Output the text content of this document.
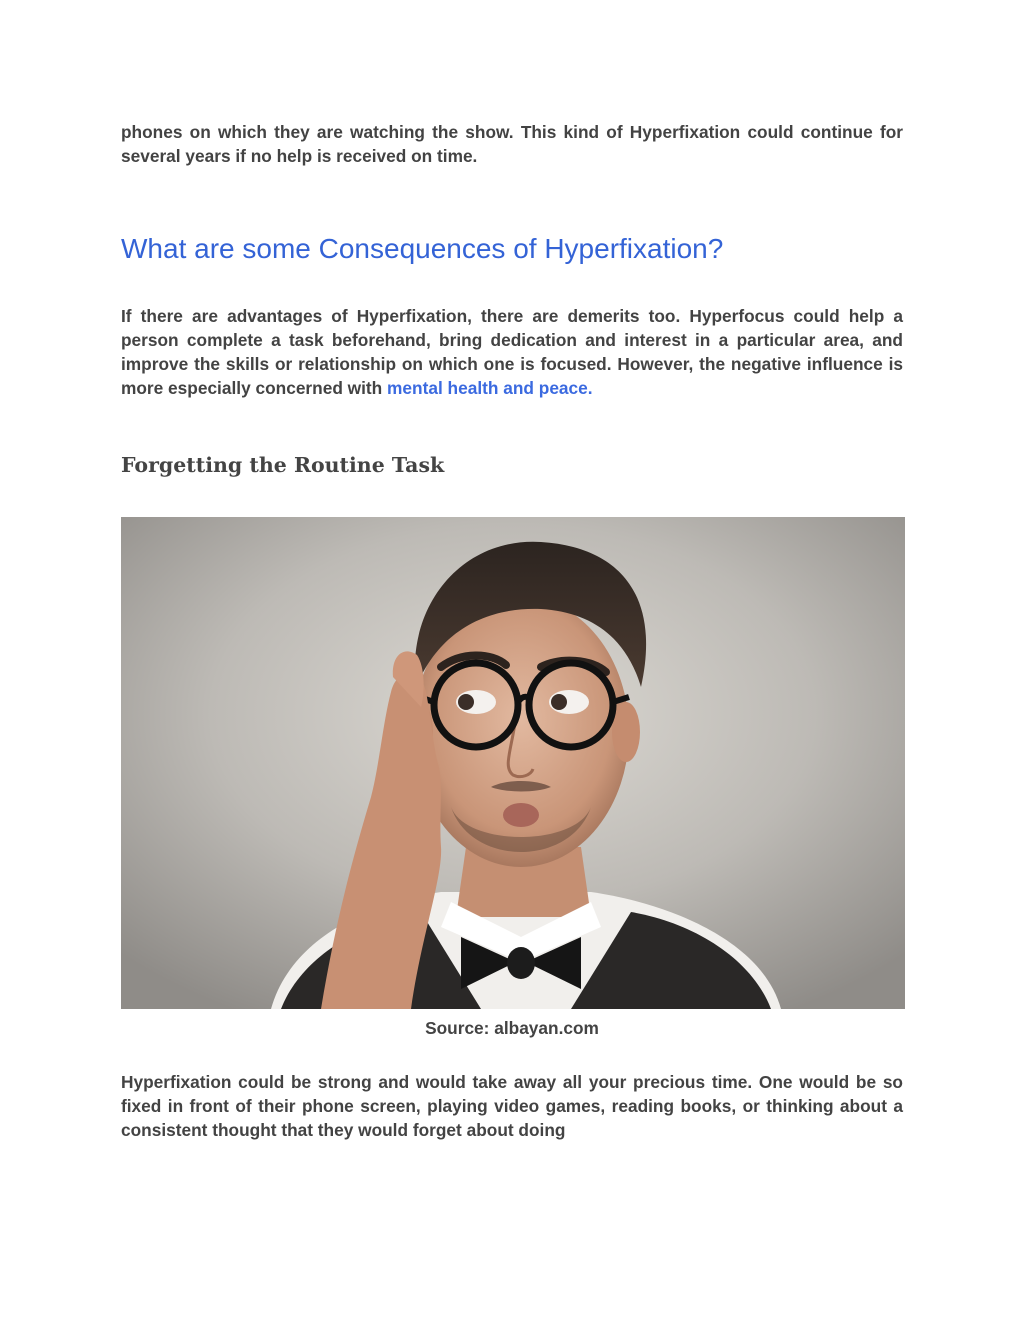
phones on which they are watching the show. This kind of Hyperfixation could continue for several years if no help is received on time.

What are some Consequences of Hyperfixation?

If there are advantages of Hyperfixation, there are demerits too. Hyperfocus could help a person complete a task beforehand, bring dedication and interest in a particular area, and improve the skills or relationship on which one is focused. However, the negative influence is more especially concerned with mental health and peace.

Forgetting the Routine Task
Source: albayan.com

Hyperfixation could be strong and would take away all your precious time. One would be so fixed in front of their phone screen, playing video games, reading books, or thinking about a consistent thought that they would forget about doing
